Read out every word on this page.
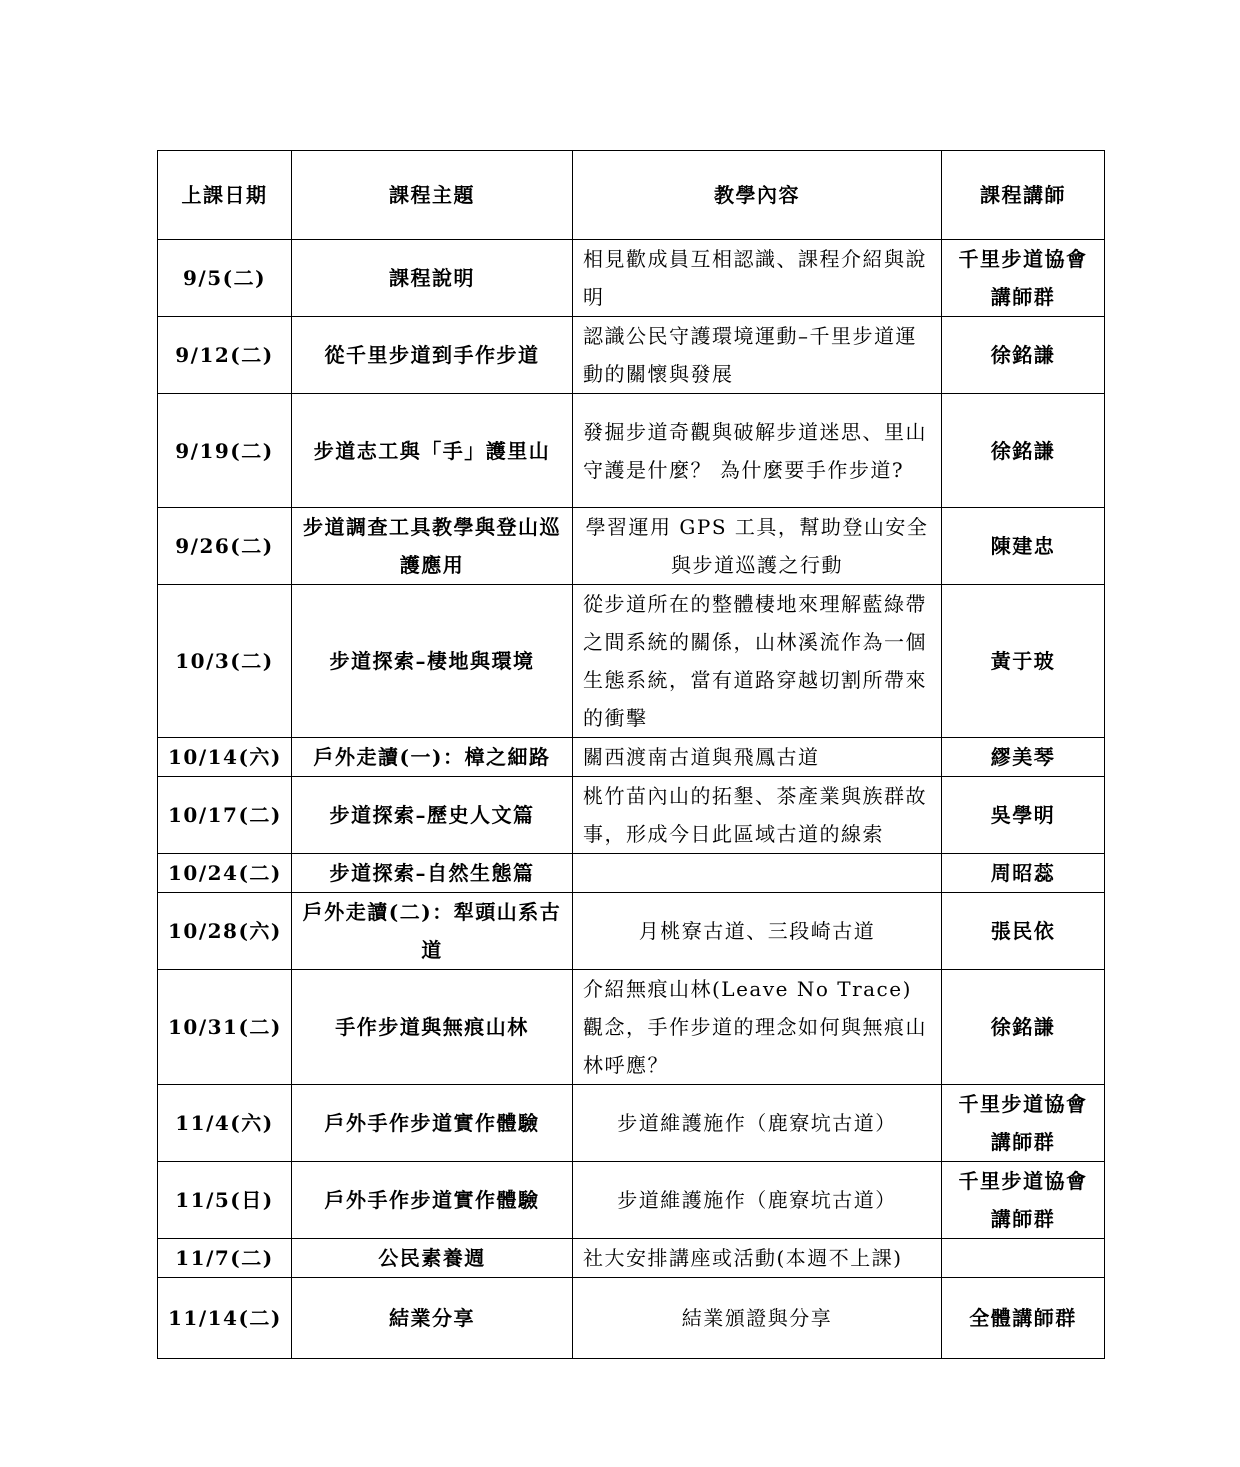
上課日期	課程主題	教學內容	課程講師
9/5(二)	課程說明	相見歡成員互相認識、課程介紹與說明	千里步道協會講師群
9/12(二)	從千里步道到手作步道	認識公民守護環境運動–千里步道運動的關懷與發展	徐銘謙
9/19(二)	步道志工與「手」護里山	發掘步道奇觀與破解步道迷思、里山守護是什麼？ 為什麼要手作步道?	徐銘謙
9/26(二)	步道調查工具教學與登山巡護應用	學習運用 GPS 工具，幫助登山安全與步道巡護之行動	陳建忠
10/3(二)	步道探索–棲地與環境	從步道所在的整體棲地來理解藍綠帶之間系統的關係，山林溪流作為一個生態系統，當有道路穿越切割所帶來的衝擊	黃于玻
10/14(六)	戶外走讀(一)：樟之細路	關西渡南古道與飛鳳古道	繆美琴
10/17(二)	步道探索–歷史人文篇	桃竹苗內山的拓墾、茶產業與族群故事，形成今日此區域古道的線索	吳學明
10/24(二)	步道探索–自然生態篇		周昭蕊
10/28(六)	戶外走讀(二)：犁頭山系古道	月桃寮古道、三段崎古道	張民依
10/31(二)	手作步道與無痕山林	介紹無痕山林(Leave No Trace)觀念，手作步道的理念如何與無痕山林呼應？	徐銘謙
11/4(六)	戶外手作步道實作體驗	步道維護施作（鹿寮坑古道）	千里步道協會講師群
11/5(日)	戶外手作步道實作體驗	步道維護施作（鹿寮坑古道）	千里步道協會講師群
11/7(二)	公民素養週	社大安排講座或活動(本週不上課)	
11/14(二)	結業分享	結業頒證與分享	全體講師群
